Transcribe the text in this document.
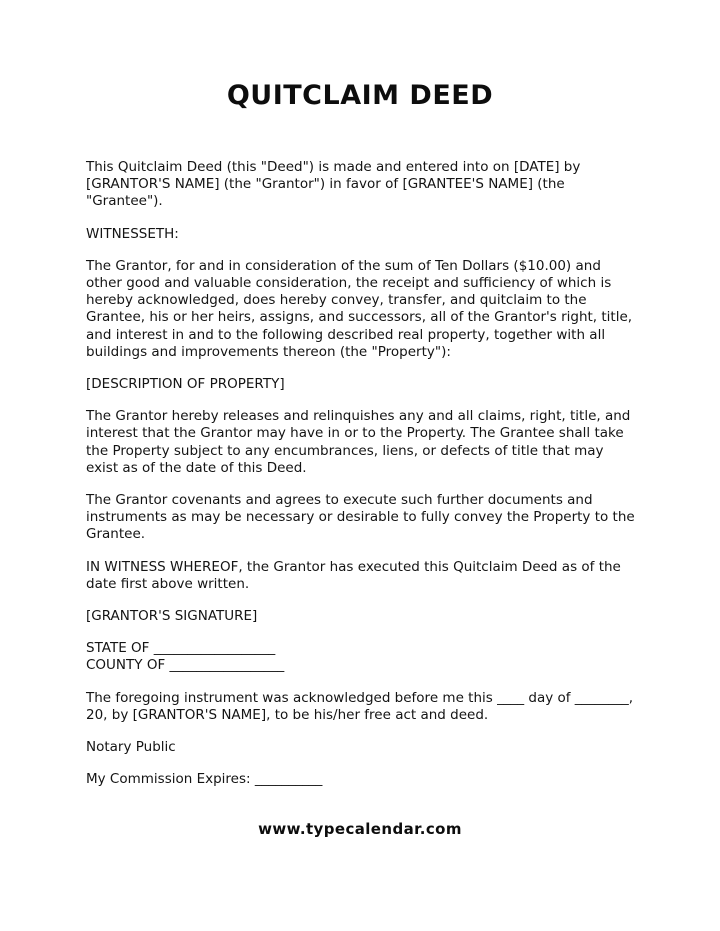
QUITCLAIM DEED

This Quitclaim Deed (this "Deed") is made and entered into on [DATE] by [GRANTOR'S NAME] (the "Grantor") in favor of [GRANTEE'S NAME] (the "Grantee").

WITNESSETH:

The Grantor, for and in consideration of the sum of Ten Dollars ($10.00) and other good and valuable consideration, the receipt and sufficiency of which is hereby acknowledged, does hereby convey, transfer, and quitclaim to the Grantee, his or her heirs, assigns, and successors, all of the Grantor's right, title, and interest in and to the following described real property, together with all buildings and improvements thereon (the "Property"):

[DESCRIPTION OF PROPERTY]

The Grantor hereby releases and relinquishes any and all claims, right, title, and interest that the Grantor may have in or to the Property. The Grantee shall take the Property subject to any encumbrances, liens, or defects of title that may exist as of the date of this Deed.

The Grantor covenants and agrees to execute such further documents and instruments as may be necessary or desirable to fully convey the Property to the Grantee.

IN WITNESS WHEREOF, the Grantor has executed this Quitclaim Deed as of the date first above written.

[GRANTOR'S SIGNATURE]

STATE OF __________________

COUNTY OF _________________

The foregoing instrument was acknowledged before me this ____ day of ________, 20, by [GRANTOR'S NAME], to be his/her free act and deed.

Notary Public

My Commission Expires: __________

www.typecalendar.com
